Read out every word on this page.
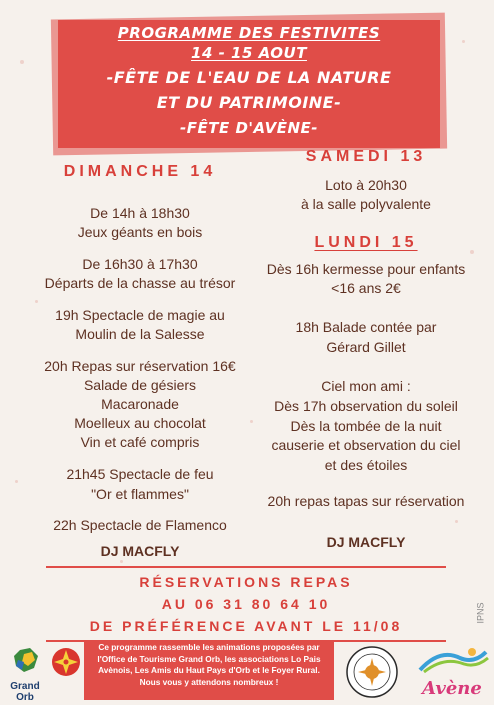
PROGRAMME DES FESTIVITES
14 - 15 AOUT
-FÊTE DE L'EAU DE LA NATURE
ET DU PATRIMOINE-
-FÊTE D'AVÈNE-
DIMANCHE 14
De 14h à 18h30
Jeux géants en bois
De 16h30 à 17h30
Départs de la chasse au trésor
19h Spectacle de magie au
Moulin de la Salesse
20h Repas sur réservation 16€
Salade de gésiers
Macaronade
Moelleux au chocolat
Vin et café compris
21h45 Spectacle de feu
"Or et flammes"
22h Spectacle de Flamenco
DJ MACFLY
SAMEDI 13
Loto à 20h30
à la salle polyvalente
LUNDI 15
Dès 16h kermesse pour enfants
<16 ans 2€
18h Balade contée par
Gérard Gillet
Ciel mon ami :
Dès 17h observation du soleil
Dès la tombée de la nuit
causerie et observation du ciel
et des étoiles
20h repas tapas sur réservation
DJ MACFLY
RÉSERVATIONS REPAS
AU 06 31 80 64 10
DE PRÉFÉRENCE AVANT LE 11/08
IPNS
Ce programme rassemble les animations proposées par l'Office de Tourisme Grand Orb, les associations Lo Pais Avènois, Les Amis du Haut Pays d'Orb et le Foyer Rural. Nous vous y attendons nombreux !
Grand Orb	Avène
